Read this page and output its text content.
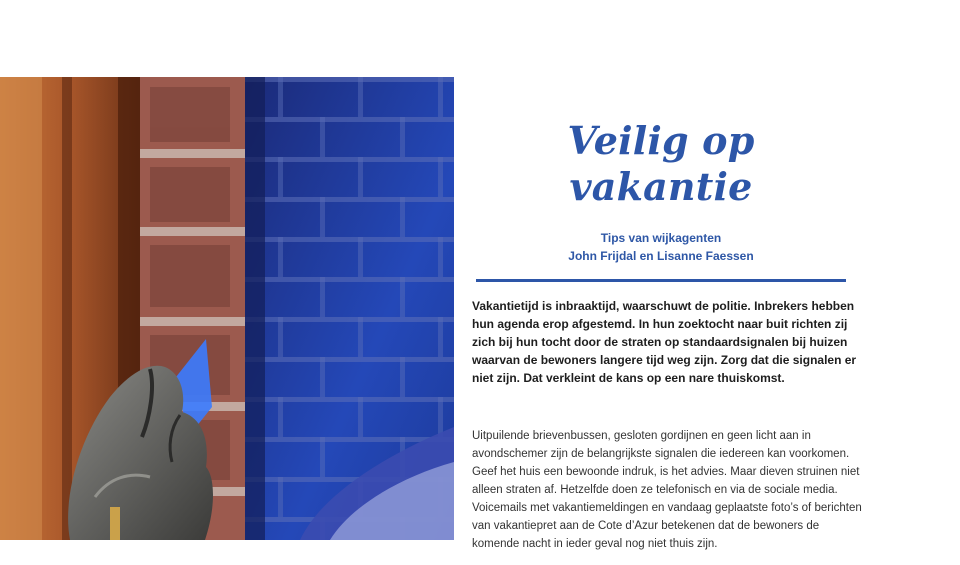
Veilig op vakantie
Tips van wijkagenten
John Frijdal en Lisanne Faessen

Vakantietijd is inbraaktijd, waarschuwt de politie. Inbrekers hebben hun agenda erop afgestemd. In hun zoektocht naar buit richten zij zich bij hun tocht door de straten op standaardsignalen bij huizen waarvan de bewoners langere tijd weg zijn. Zorg dat die signalen er niet zijn. Dat verkleint de kans op een nare thuiskomst.

Uitpuilende brievenbussen, gesloten gordijnen en geen licht aan in avondschemer zijn de belangrijkste signalen die iedereen kan voorkomen. Geef het huis een bewoonde indruk, is het advies. Maar dieven struinen niet alleen straten af. Hetzelfde doen ze telefonisch en via de sociale media. Voicemails met vakantiemeldingen en vandaag geplaatste foto’s of berichten van vakantiepret aan de Cote d’Azur betekenen dat de bewoners de komende nacht in ieder geval nog niet thuis zijn.
